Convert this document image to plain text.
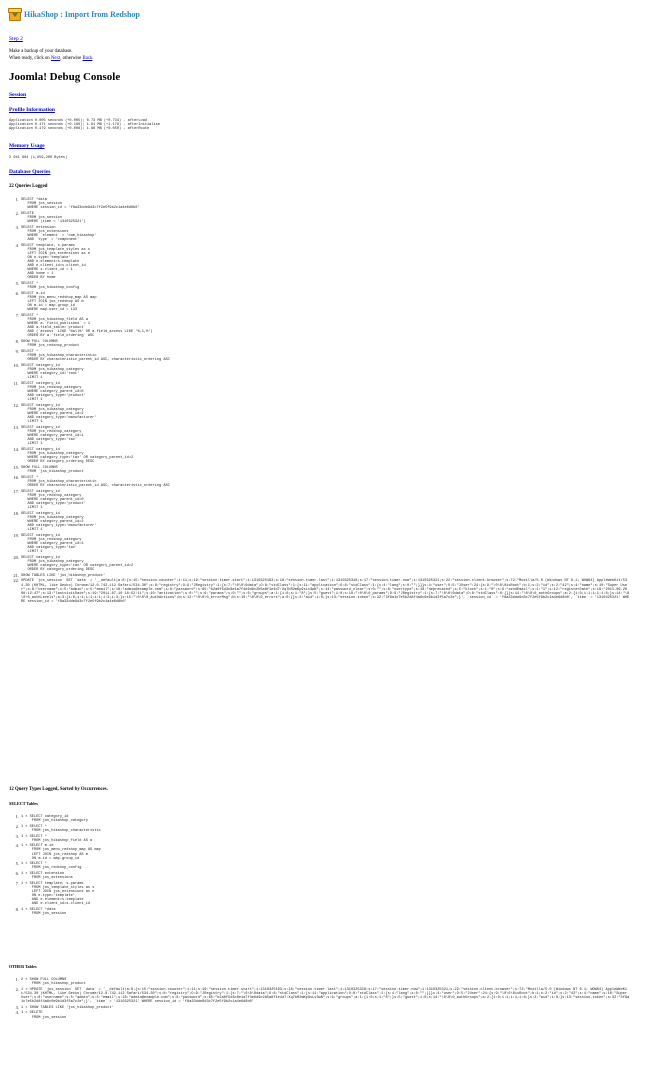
HikaShop : Import from Redshop
Step 2
Make a backup of your database.
When ready, click on Next, otherwise Back.
Joomla! Debug Console
Session
Profile Information
Application 0.005 seconds (+0.005); 0.73 MB (+0.734) - afterLoad
Application 0.171 seconds (+0.166); 1.91 MB (+1.179) - afterInitialise
Application 0.179 seconds (+0.008); 1.96 MB (+0.050) - afterRoute
Memory Usage
2 041 904 (1,959,200 Bytes)
Database Queries
22 Queries Logged
1. SELECT *data
FROM jos_session
WHERE session_id = 'f8a33dde9d3c7f2e5f9b2c1a4e6d8b0'
2. DELETE
FROM jos_session
WHERE (time < '1310325321')
3. SELECT extension
FROM jos_extensions
WHERE `element` = 'com_hikashop'
AND `type` = 'component'
4. SELECT template, s.params
FROM jos_template_styles as s
LEFT JOIN jos_extensions as e
ON e.type='template'
AND e.element=s.template
AND e.client_id=s.client_id
WHERE s.client_id = 1
AND home = 1
ORDER BY home
5. SELECT *
FROM jos_hikashop_config
6. SELECT m.id
FROM jos_menu_redshop_map AS map
LEFT JOIN jos_redshop AS m
ON m.id = map.group_id
WHERE map.user_id = 133
7. SELECT *
FROM jos_hikashop_field AS a
WHERE a.`field_published` = 1
AND a.field_table=`product`
AND (`access` LIKE '%all%' OR a.field_access LIKE '%,1,%')
ORDER BY a.`field_ordering` ASC
8. SHOW FULL COLUMNS
FROM jos_redshop_product
9. SELECT *
FROM jos_hikashop_characteristic
ORDER BY characteristic_parent_id ASC, characteristic_ordering ASC
10. SELECT category_id
FROM jos_hikashop_category
WHERE category_id='root'
LIMIT 1
11. SELECT category_id
FROM jos_redshop_category
WHERE category_parent_id=0
AND category_type='product'
LIMIT 1
12. SELECT category_id
FROM jos_hikashop_category
WHERE category_parent_id=2
AND category_type='manufacturer'
LIMIT 1
13. SELECT category_id
FROM jos_redshop_category
WHERE category_parent_id=1
AND category_type='tax'
LIMIT 1
14. SELECT category_id
FROM jos_hikashop_category
WHERE category_type='tax' OR category_parent_id=2
ORDER BY category_ordering DESC
15. SHOW FULL COLUMNS
FROM `jos_hikashop_product`
16. SELECT *
FROM jos_hikashop_characteristic
ORDER BY characteristic_parent_id ASC, characteristic_ordering ASC
17. SELECT category_id
FROM jos_redshop_category
WHERE category_parent_id=0
AND category_type='product'
LIMIT 1
18. SELECT category_id
FROM jos_hikashop_category
WHERE category_parent_id=2
AND category_type='manufacturer'
LIMIT 1
19. SELECT category_id
FROM jos_redshop_category
WHERE category_parent_id=1
AND category_type='tax'
LIMIT 1
20. SELECT category_id
FROM jos_hikashop_category
WHERE category_type='tax' OR category_parent_id=2
ORDER BY category_ordering DESC
21. SHOW TABLES LIKE 'jos_hikashop_product'
22. UPDATE `jos_session` SET `data` = '__default|a:8:{s:15:"session.counter";i:11;s:19:"session.timer.start";i:1310325193;s:18:"session.timer.last";i:1310325318;s:17:"session.timer.now";i:1310325321;s:22:"session.client.browser";s:72:"Mozilla/5.0 (Windows NT 6.1; WOW64) AppleWebKit/534.30 (KHTML, like Gecko) Chrome/12.0.742.112 Safari/534.30";s:8:"registry";O:9:"JRegistry":1:{s:7:"\0\0\0data";O:8:"stdClass":1:{s:11:"application";O:8:"stdClass":1:{s:4:"lang";s:0:"";}}}s:4:"user";O:5:"JUser":24:{s:9:"\0\0\0isRoot";b:1;s:2:"id";s:2:"42";s:4:"name";s:10:"Super User";s:8:"username";s:5:"admin";s:5:"email";s:18:"admin@example.com";s:8:"password";s:65:"b2a0f5d3c8e1a7f4e6d9c2b5a8f1e4d7:Xq7bR2mKp9sLv3wN";s:14:"password_clear";s:0:"";s:8:"usertype";s:10:"deprecated";s:5:"block";s:1:"0";s:9:"sendEmail";s:1:"1";s:12:"registerDate";s:19:"2011-06-20 08:12:47";s:13:"lastvisitDate";s:19:"2011-07-10 18:52:11";s:10:"activation";s:0:"";s:6:"params";s:0:"";s:6:"groups";a:1:{i:0;s:1:"8";}s:5:"guest";i:0;s:10:"\0\0\0_params";O:9:"JRegistry":1:{s:7:"\0\0\0data";O:8:"stdClass":0:{}}s:14:"\0\0\0_authGroups";a:2:{i:0;i:1;i:1;i:8;}s:14:"\0\0\0_authLevels";a:3:{i:0;i:1;i:1;i:1;i:2;i:3;}s:15:"\0\0\0_authActions";N;s:12:"\0\0\0_errorMsg";N;s:10:"\0\0\0_errors";a:0:{}s:3:"aid";i:0;}s:13:"session.token";s:32:"3f9a1c7e5b2d8f4a6c0e9b1d3f5a7c2e";}', `session_id` = 'f8a33dde9d3c7f2e5f9b2c1a4e6d8b0', `time` = '1310325321' WHERE session_id = 'f8a33dde9d3c7f2e5f9b2c1a4e6d8b0'
12 Query Types Logged, Sorted by Occurrences.
SELECT Tables
1. 1 × SELECT category_id
FROM jos_hikashop_category
2. 1 × SELECT *
FROM jos_hikashop_characteristic
3. 1 × SELECT *
FROM jos_hikashop_field AS a
4. 1 × SELECT m.id
FROM jos_menu_redshop_map AS map
LEFT JOIN jos_redshop AS m
ON m.id = map.group_id
5. 1 × SELECT *
FROM jos_redshop_config
6. 1 × SELECT extension
FROM jos_extensions
7. 1 × SELECT template, s.params
FROM jos_template_styles as s
LEFT JOIN jos_extensions as e
ON e.type='template'
AND e.element=s.template
AND e.client_id=s.client_id
8. 1 × SELECT *data
FROM jos_session
OTHER Tables
1. 2 × SHOW FULL COLUMNS
FROM jos_hikashop_product
2. 1 × UPDATE `jos_session` SET `data` = '__default|a:8:{s:15:"session.counter";i:11;s:19:"session.timer.start";i:1310325193;s:18:"session.timer.last";i:1310325318;s:17:"session.timer.now";i:1310325321;s:22:"session.client.browser";s:72:"Mozilla/5.0 (Windows NT 6.1; WOW64) AppleWebKit/534.30 (KHTML, like Gecko) Chrome/12.0.742.112 Safari/534.30";s:8:"registry";O:9:"JRegistry":1:{s:7:"\0\0\0data";O:8:"stdClass":1:{s:11:"application";O:8:"stdClass":1:{s:4:"lang";s:0:"";}}}s:4:"user";O:5:"JUser":24:{s:9:"\0\0\0isRoot";b:1;s:2:"id";s:2:"42";s:4:"name";s:10:"Super User";s:8:"username";s:5:"admin";s:5:"email";s:18:"admin@example.com";s:8:"password";s:65:"b2a0f5d3c8e1a7f4e6d9c2b5a8f1e4d7:Xq7bR2mKp9sLv3wN";s:6:"groups";a:1:{i:0;s:1:"8";}s:5:"guest";i:0;s:14:"\0\0\0_authGroups";a:2:{i:0;i:1;i:1;i:8;}s:3:"aid";i:0;}s:13:"session.token";s:32:"3f9a1c7e5b2d8f4a6c0e9b1d3f5a7c2e";}', `time` = '1310325321' WHERE session_id = 'f8a33dde9d3c7f2e5f9b2c1a4e6d8b0'
3. 1 × SHOW TABLES LIKE 'jos_hikashop_product'
4. 1 × DELETE
FROM jos_session
